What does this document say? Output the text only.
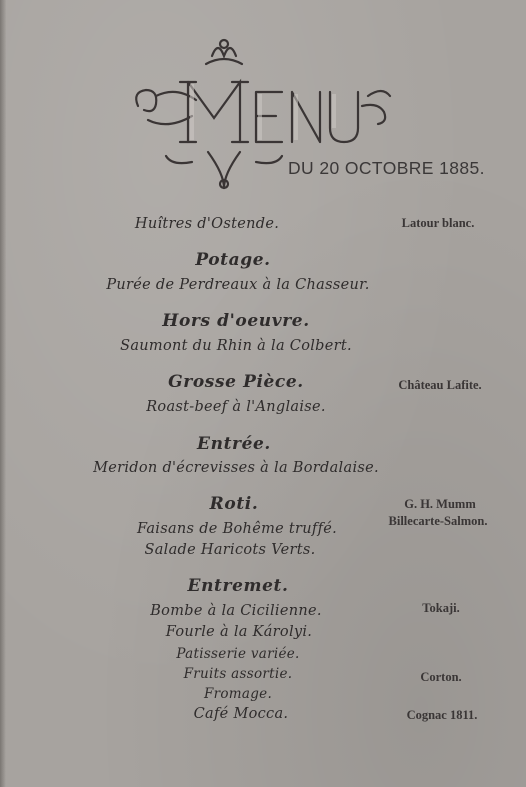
MENU
DU 20 OCTOBRE 1885.
Huîtres d'Ostende.	Latour blanc.
Potage.
Purée de Perdreaux à la Chasseur.
Hors d'oeuvre.
Saumont du Rhin à la Colbert.
Grosse Pièce.	Château Lafite.
Roast-beef à l'Anglaise.
Entrée.
Meridon d'écrevisses à la Bordalaise.
Roti.	G. H. Mumm
Billecarte-Salmon.
Faisans de Bohême truffé.
Salade Haricots Verts.
Entremet.
Tokaji.
Bombe à la Cicilienne.
Fourle à la Károlyi.
Patisserie variée.
Fruits assortie.	Corton.
Fromage.
Café Mocca.	Cognac 1811.
